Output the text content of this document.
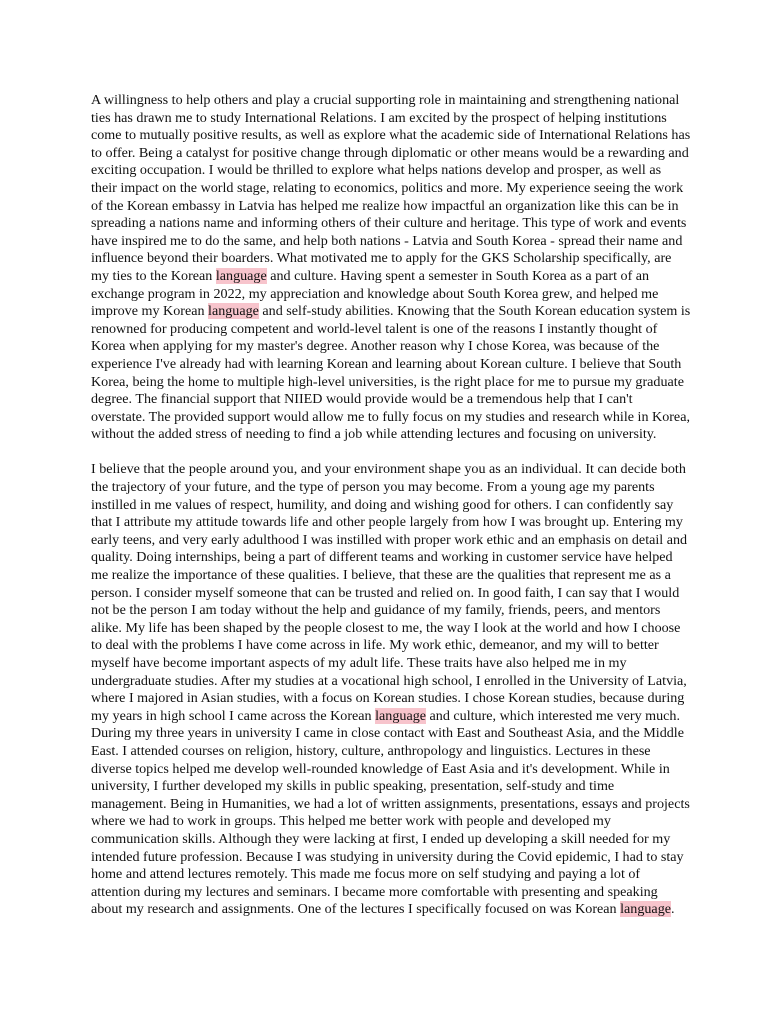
A willingness to help others and play a crucial supporting role in maintaining and strengthening national
ties has drawn me to study International Relations. I am excited by the prospect of helping institutions
come to mutually positive results, as well as explore what the academic side of International Relations has
to offer. Being a catalyst for positive change through diplomatic or other means would be a rewarding and
exciting occupation. I would be thrilled to explore what helps nations develop and prosper, as well as
their impact on the world stage, relating to economics, politics and more. My experience seeing the work
of the Korean embassy in Latvia has helped me realize how impactful an organization like this can be in
spreading a nations name and informing others of their culture and heritage. This type of work and events
have inspired me to do the same, and help both nations - Latvia and South Korea - spread their name and
influence beyond their boarders. What motivated me to apply for the GKS Scholarship specifically, are
my ties to the Korean language and culture. Having spent a semester in South Korea as a part of an
exchange program in 2022, my appreciation and knowledge about South Korea grew, and helped me
improve my Korean language and self-study abilities. Knowing that the South Korean education system is
renowned for producing competent and world-level talent is one of the reasons I instantly thought of
Korea when applying for my master's degree. Another reason why I chose Korea, was because of the
experience I've already had with learning Korean and learning about Korean culture. I believe that South
Korea, being the home to multiple high-level universities, is the right place for me to pursue my graduate
degree. The financial support that NIIED would provide would be a tremendous help that I can't
overstate. The provided support would allow me to fully focus on my studies and research while in Korea,
without the added stress of needing to find a job while attending lectures and focusing on university.
I believe that the people around you, and your environment shape you as an individual. It can decide both
the trajectory of your future, and the type of person you may become. From a young age my parents
instilled in me values of respect, humility, and doing and wishing good for others. I can confidently say
that I attribute my attitude towards life and other people largely from how I was brought up. Entering my
early teens, and very early adulthood I was instilled with proper work ethic and an emphasis on detail and
quality. Doing internships, being a part of different teams and working in customer service have helped
me realize the importance of these qualities. I believe, that these are the qualities that represent me as a
person. I consider myself someone that can be trusted and relied on. In good faith, I can say that I would
not be the person I am today without the help and guidance of my family, friends, peers, and mentors
alike. My life has been shaped by the people closest to me, the way I look at the world and how I choose
to deal with the problems I have come across in life. My work ethic, demeanor, and my will to better
myself have become important aspects of my adult life. These traits have also helped me in my
undergraduate studies. After my studies at a vocational high school, I enrolled in the University of Latvia,
where I majored in Asian studies, with a focus on Korean studies. I chose Korean studies, because during
my years in high school I came across the Korean language and culture, which interested me very much.
During my three years in university I came in close contact with East and Southeast Asia, and the Middle
East. I attended courses on religion, history, culture, anthropology and linguistics. Lectures in these
diverse topics helped me develop well-rounded knowledge of East Asia and it's development. While in
university, I further developed my skills in public speaking, presentation, self-study and time
management. Being in Humanities, we had a lot of written assignments, presentations, essays and projects
where we had to work in groups. This helped me better work with people and developed my
communication skills. Although they were lacking at first, I ended up developing a skill needed for my
intended future profession. Because I was studying in university during the Covid epidemic, I had to stay
home and attend lectures remotely. This made me focus more on self studying and paying a lot of
attention during my lectures and seminars. I became more comfortable with presenting and speaking
about my research and assignments. One of the lectures I specifically focused on was Korean language.
